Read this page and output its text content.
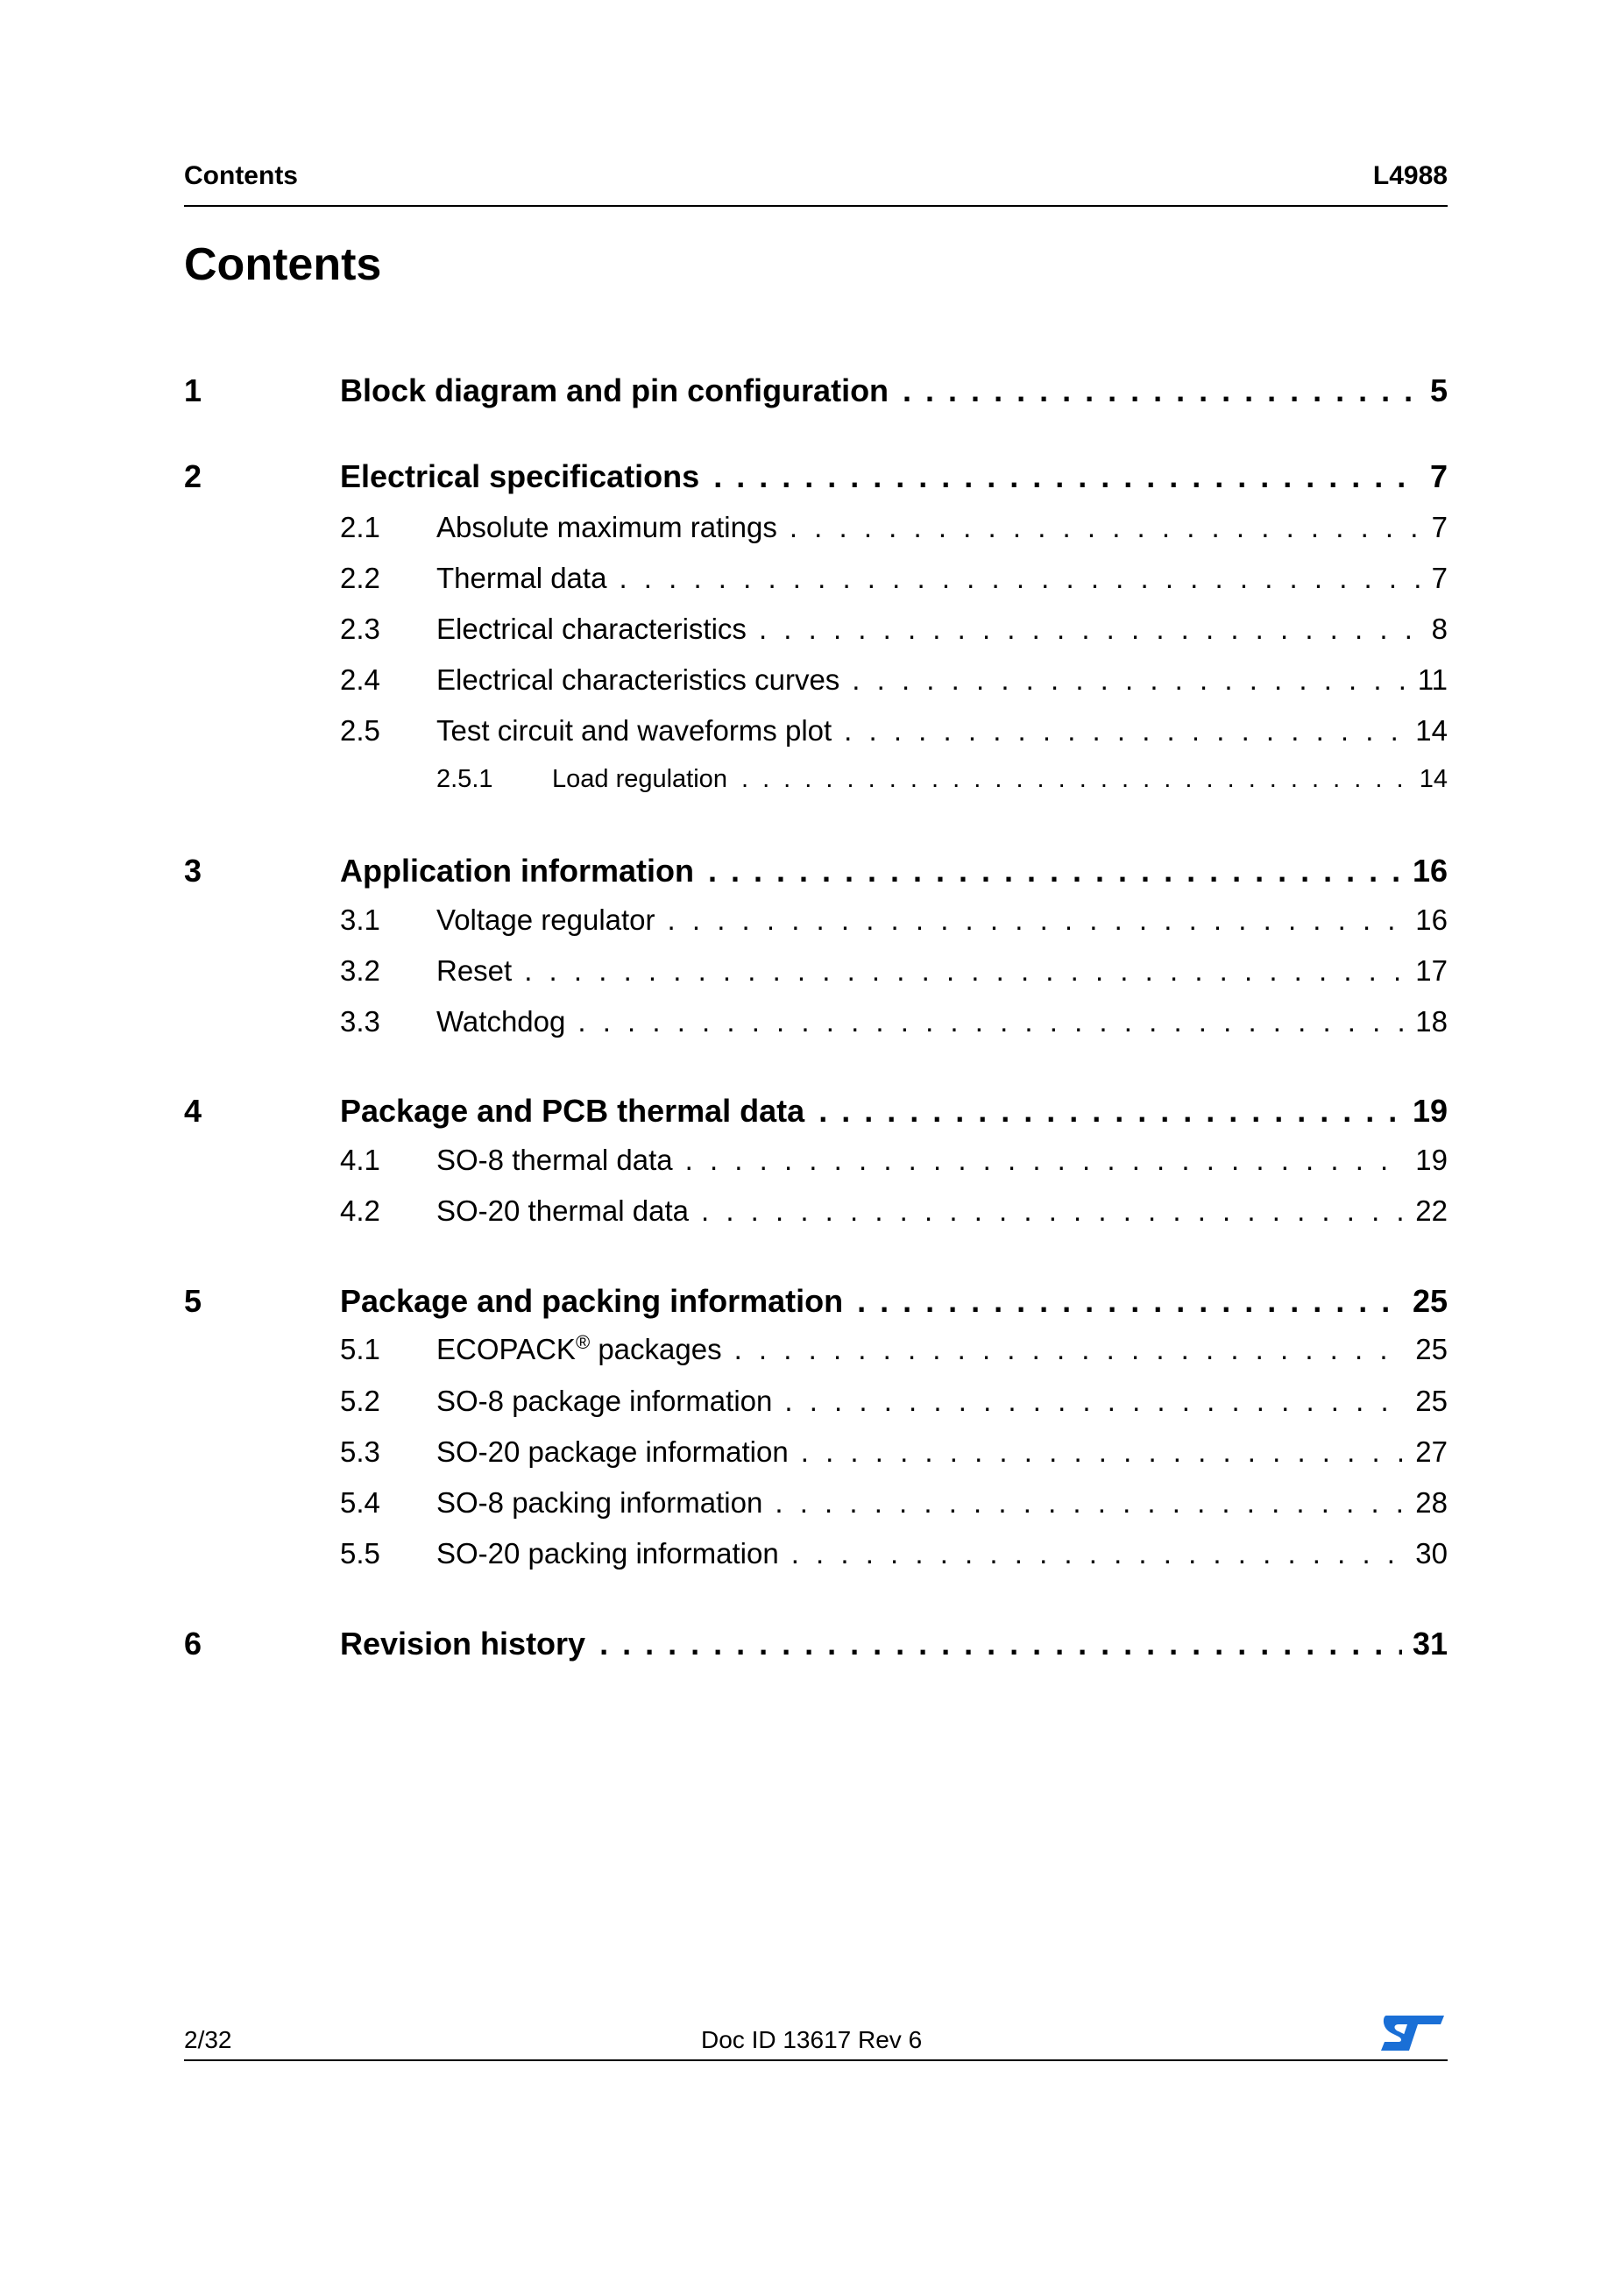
Contents	L4988
Contents
1	Block diagram and pin configuration . . .	5
2	Electrical specifications . . .	7
2.1 Absolute maximum ratings . . .	7
2.2 Thermal data . . .	7
2.3 Electrical characteristics . . .	8
2.4 Electrical characteristics curves . . .	11
2.5 Test circuit and waveforms plot . . .	14
2.5.1 Load regulation . . .	14
3	Application information . . .	16
3.1 Voltage regulator . . .	16
3.2 Reset . . .	17
3.3 Watchdog . . .	18
4	Package and PCB thermal data . . .	19
4.1 SO-8 thermal data . . .	19
4.2 SO-20 thermal data . . .	22
5	Package and packing information . . .	25
5.1 ECOPACK® packages . . .	25
5.2 SO-8 package information . . .	25
5.3 SO-20 package information . . .	27
5.4 SO-8 packing information . . .	28
5.5 SO-20 packing information . . .	30
6	Revision history . . .	31
2/32	Doc ID 13617 Rev 6
